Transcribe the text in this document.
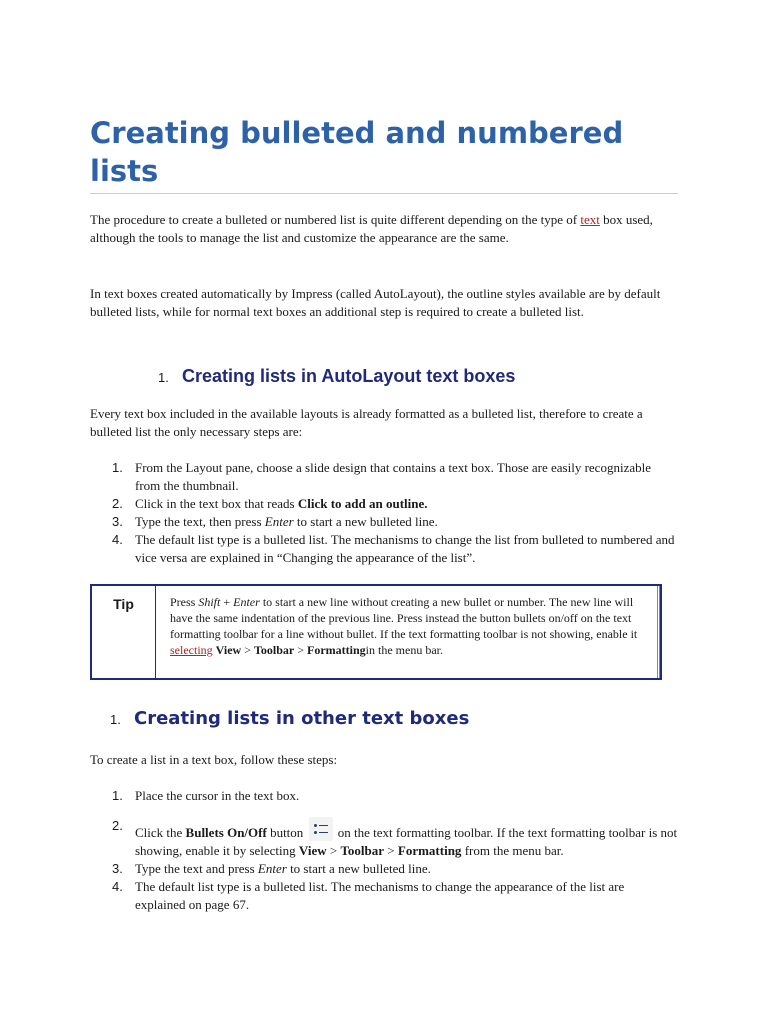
Creating bulleted and numbered lists

The procedure to create a bulleted or numbered list is quite different depending on the type of text box used, although the tools to manage the list and customize the appearance are the same.

In text boxes created automatically by Impress (called AutoLayout), the outline styles available are by default bulleted lists, while for normal text boxes an additional step is required to create a bulleted list.

1. Creating lists in AutoLayout text boxes

Every text box included in the available layouts is already formatted as a bulleted list, therefore to create a bulleted list the only necessary steps are:

1. From the Layout pane, choose a slide design that contains a text box. Those are easily recognizable from the thumbnail.
2. Click in the text box that reads Click to add an outline.
3. Type the text, then press Enter to start a new bulleted line.
4. The default list type is a bulleted list. The mechanisms to change the list from bulleted to numbered and vice versa are explained in “Changing the appearance of the list”.
Tip	Press Shift + Enter to start a new line without creating a new bullet or number. The new line will have the same indentation of the previous line. Press instead the button bullets on/off on the text formatting toolbar for a line without bullet. If the text formatting toolbar is not showing, enable it selecting View > Toolbar > Formattingin the menu bar.
1. Creating lists in other text boxes

To create a list in a text box, follow these steps:

1. Place the cursor in the text box.
2. Click the Bullets On/Off button
on the text formatting toolbar. If the text formatting toolbar is not showing, enable it by selecting View > Toolbar > Formatting from the menu bar.
3. Type the text and press Enter to start a new bulleted line.
4. The default list type is a bulleted list. The mechanisms to change the appearance of the list are explained on page 67.
